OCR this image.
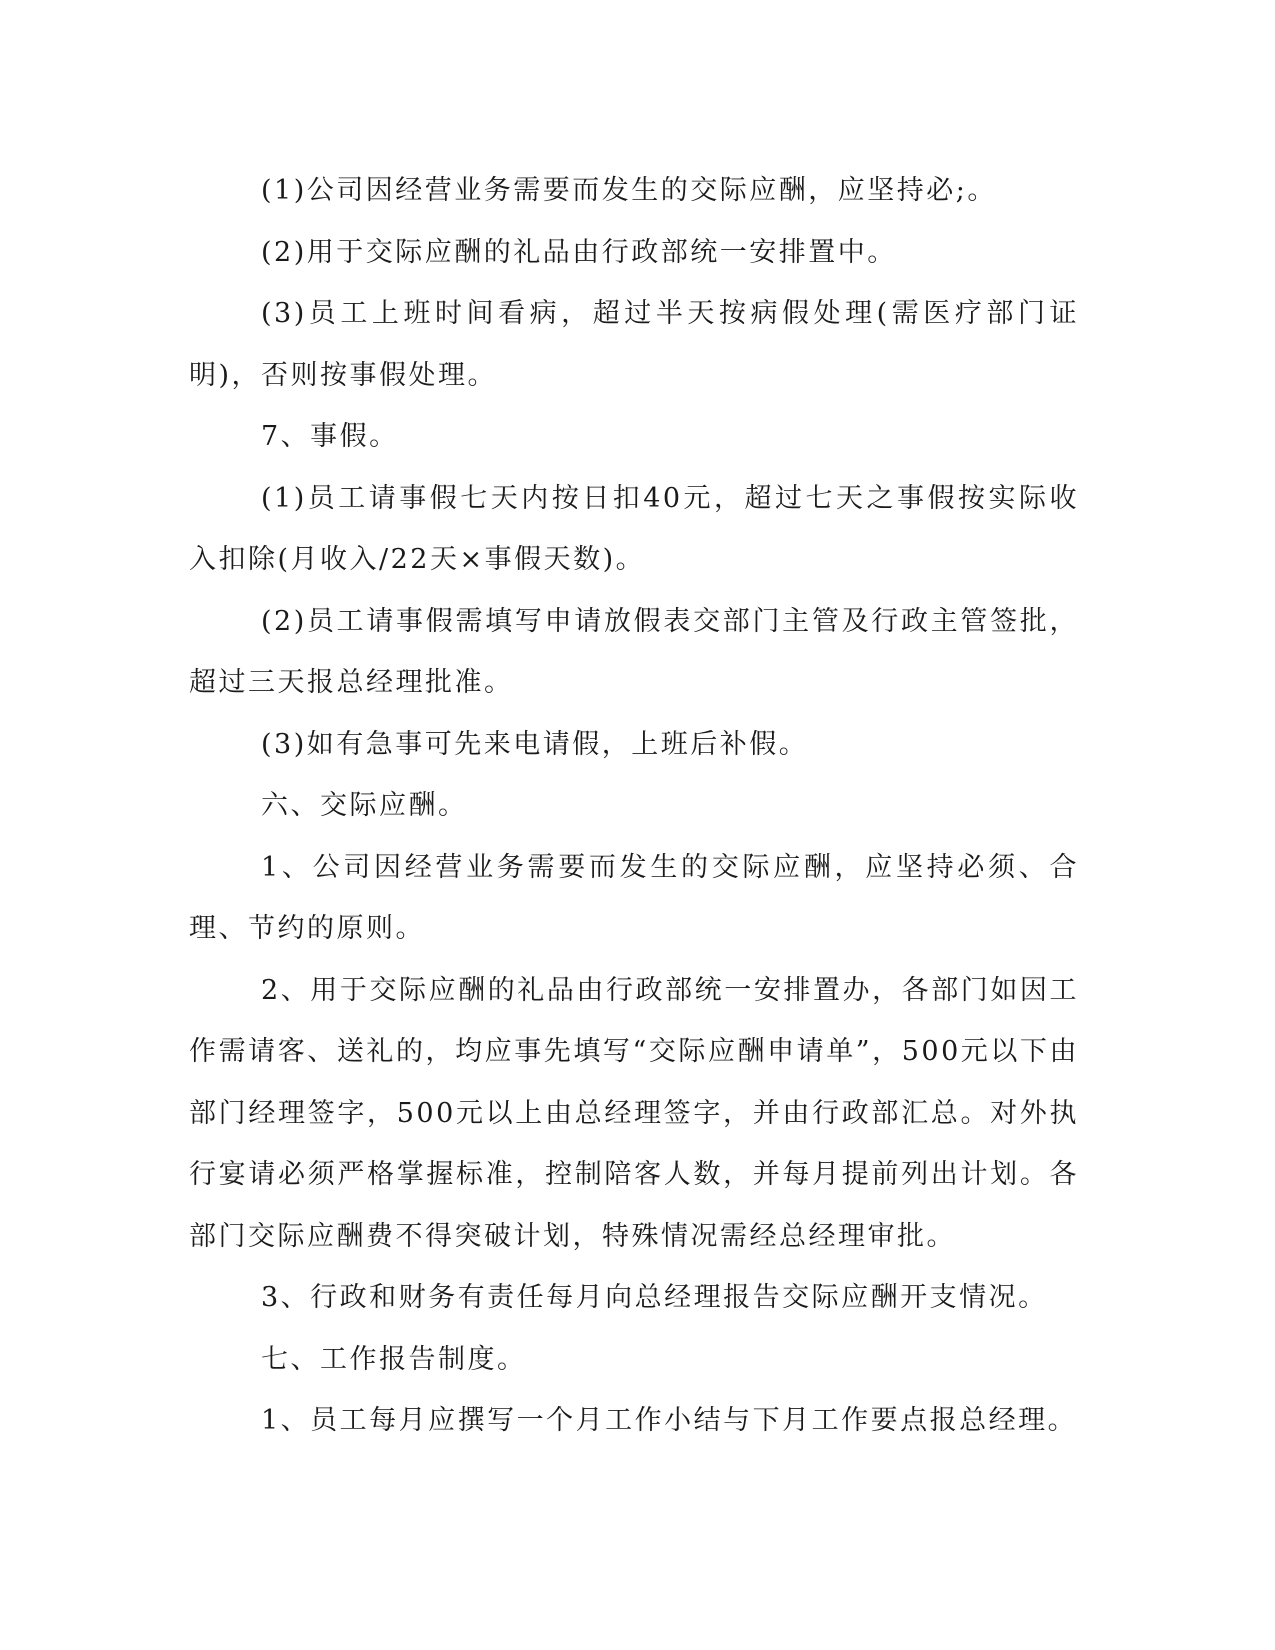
(1)公司因经营业务需要而发生的交际应酬，应坚持必;。

(2)用于交际应酬的礼品由行政部统一安排置中。

(3)员工上班时间看病，超过半天按病假处理(需医疗部门证明)，否则按事假处理。

7、事假。

(1)员工请事假七天内按日扣40元，超过七天之事假按实际收入扣除(月收入/22天×事假天数)。

(2)员工请事假需填写申请放假表交部门主管及行政主管签批，超过三天报总经理批准。

(3)如有急事可先来电请假，上班后补假。

六、交际应酬。

1、公司因经营业务需要而发生的交际应酬，应坚持必须、合理、节约的原则。

2、用于交际应酬的礼品由行政部统一安排置办，各部门如因工作需请客、送礼的，均应事先填写“交际应酬申请单”，500元以下由部门经理签字，500元以上由总经理签字，并由行政部汇总。对外执行宴请必须严格掌握标准，控制陪客人数，并每月提前列出计划。各部门交际应酬费不得突破计划，特殊情况需经总经理审批。

3、行政和财务有责任每月向总经理报告交际应酬开支情况。

七、工作报告制度。

1、员工每月应撰写一个月工作小结与下月工作要点报总经理。
